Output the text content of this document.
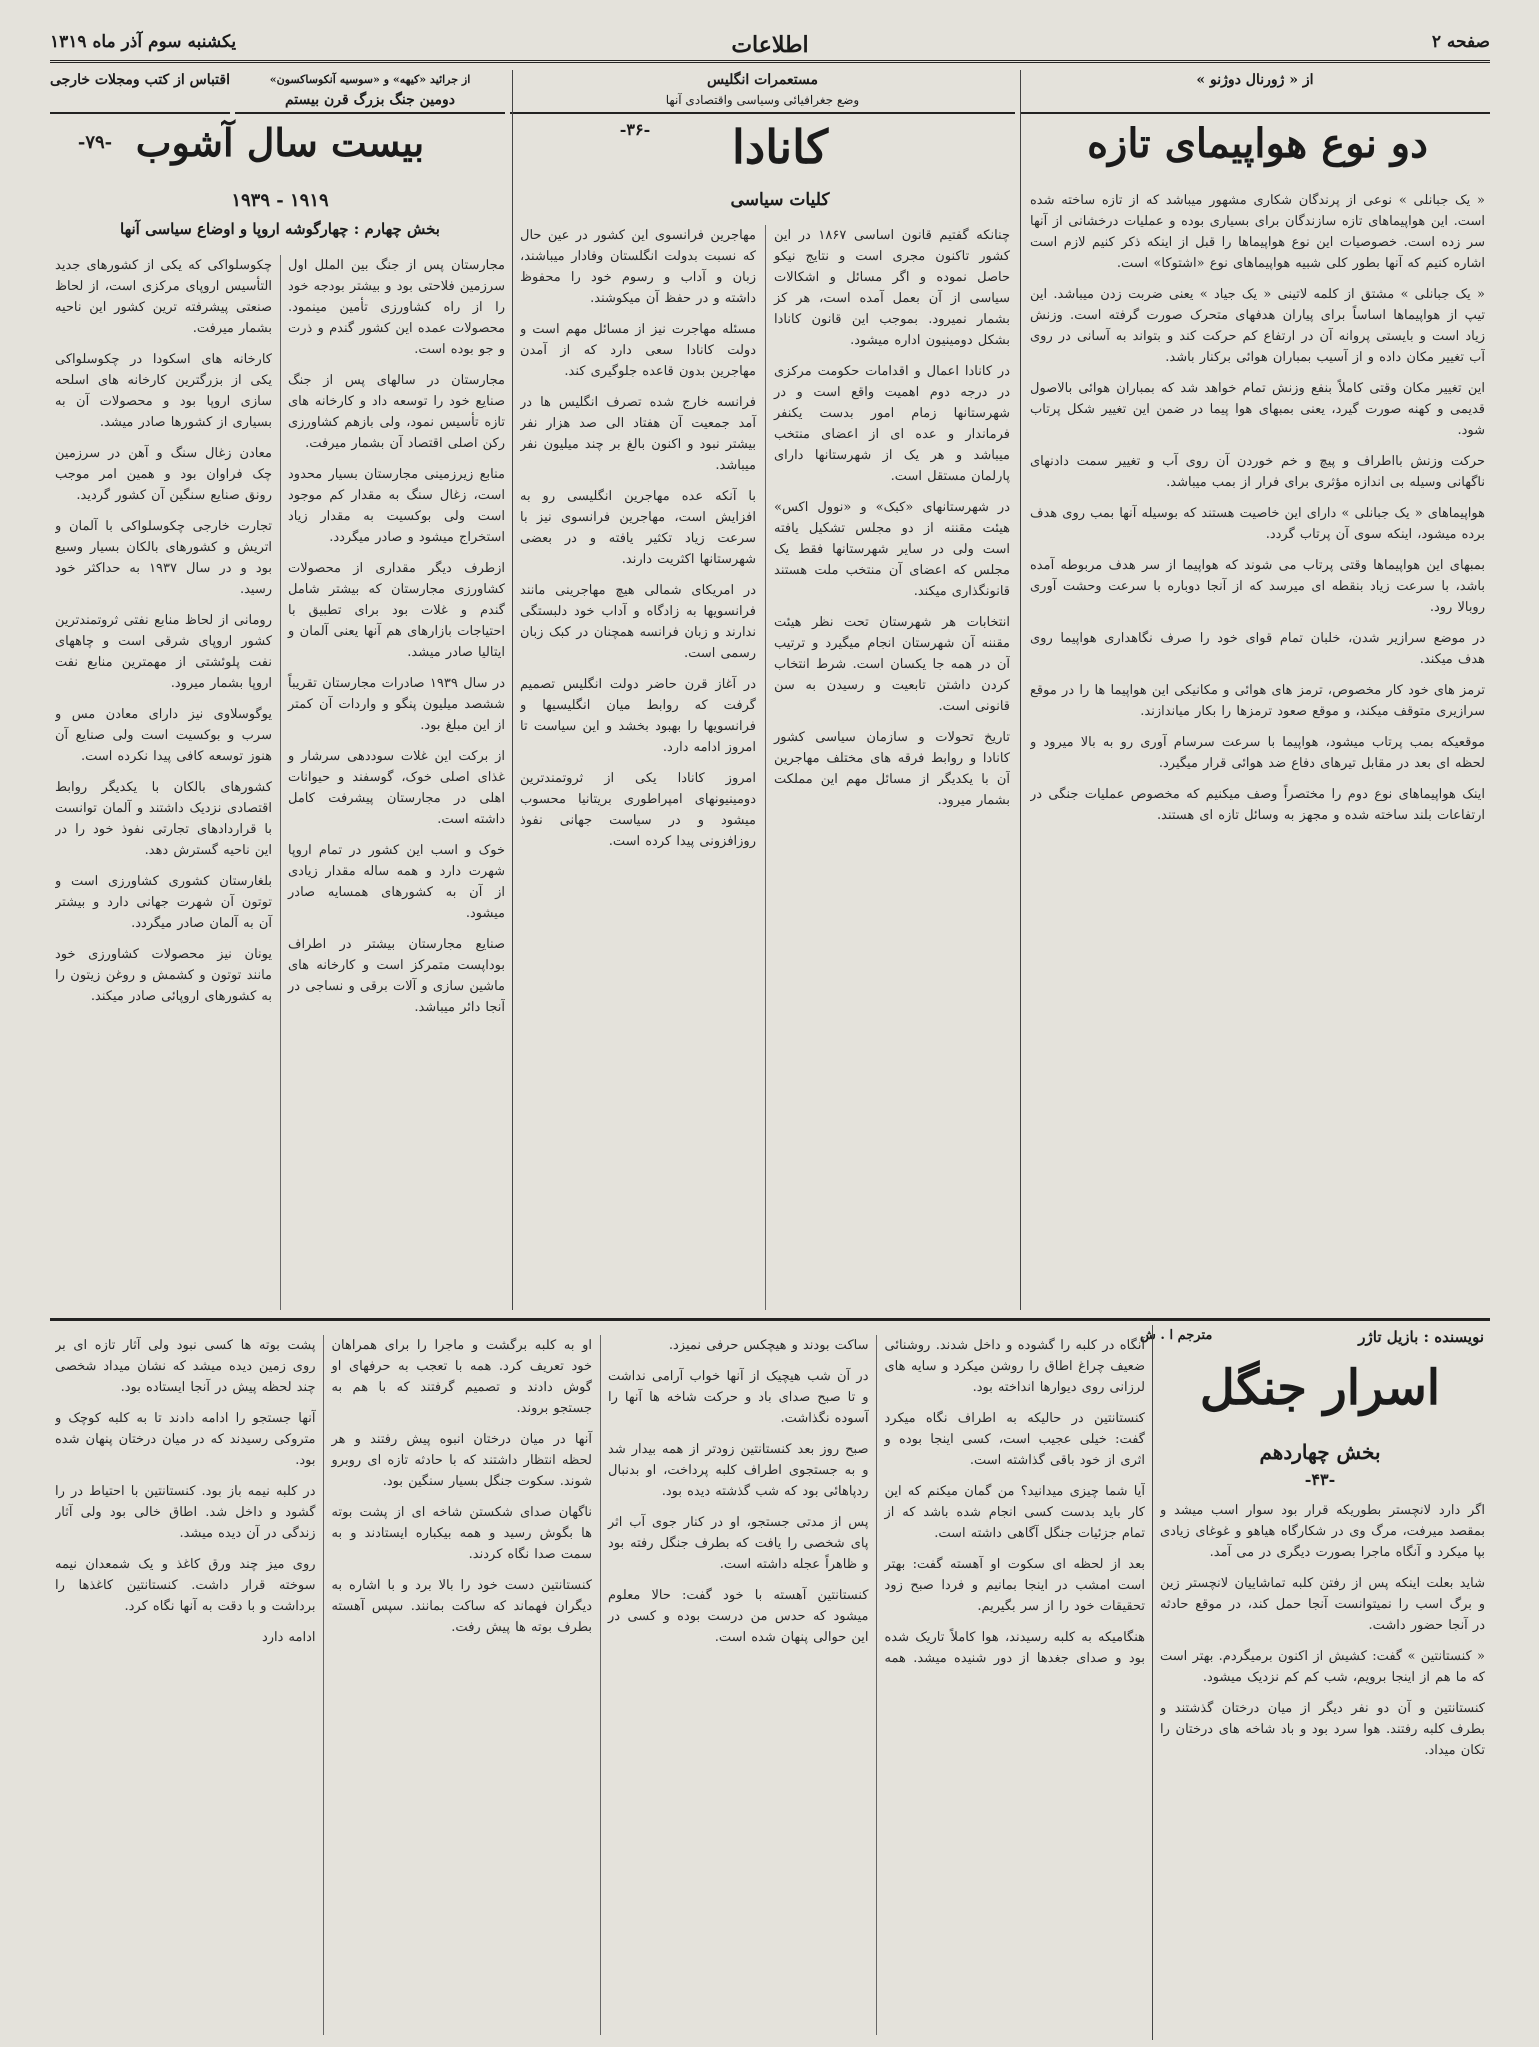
صفحه ۲
اطلاعات
یکشنبه سوم آذر ماه ۱۳۱۹
از « ژورنال دوژنو »
مستعمرات انگلیس
وضع جغرافیائی وسیاسی واقتصادی آنها
از جرائید «کیهه» و «سوسیه آنکوساکسون»
دومین جنگ بزرگ قرن بیستم
اقتباس از کتب ومجلات خارجی
دو نوع هواپیمای تازه

« یک جبانلی » نوعی از پرندگان شکاری مشهور میباشد که از تازه ساخته شده است. این هواپیماهای تازه سازندگان برای بسیاری بوده و عملیات درخشانی از آنها سر زده است. خصوصیات این نوع هواپیماها را قبل از اینکه ذکر کنیم لازم است اشاره کنیم که آنها بطور کلی شبیه هواپیماهای نوع «اشتوکا» است.

« یک جبانلی » مشتق از کلمه لاتینی « یک جیاد » یعنی ضربت زدن میباشد. این تیپ از هواپیماها اساساً برای پیاران هدفهای متحرک صورت گرفته است. وزنش زیاد است و بایستی پروانه آن در ارتفاع کم حرکت کند و بتواند به آسانی در روی آب تغییر مکان داده و از آسیب بمباران هوائی برکنار باشد.

این تغییر مکان وقتی کاملاً بنفع وزنش تمام خواهد شد که بمباران هوائی بالاصول قدیمی و کهنه صورت گیرد، یعنی بمبهای هوا پیما در ضمن این تغییر شکل پرتاب شود.

حرکت وزنش بااطراف و پیچ و خم خوردن آن روی آب و تغییر سمت دادنهای ناگهانی وسیله بی اندازه مؤثری برای فرار از بمب میباشد.

هواپیماهای « یک جبانلی » دارای این خاصیت هستند که بوسیله آنها بمب روی هدف برده میشود، اینکه سوی آن پرتاب گردد.

بمبهای این هواپیماها وقتی پرتاب می شوند که هواپیما از سر هدف مربوطه آمده باشد، با سرعت زیاد بنقطه ای میرسد که از آنجا دوباره با سرعت وحشت آوری روبالا رود.

در موضع سرازیر شدن، خلبان تمام قوای خود را صرف نگاهداری هواپیما روی هدف میکند.

ترمز های خود کار مخصوص، ترمز های هوائی و مکانیکی این هواپیما ها را در موقع سرازیری متوقف میکند، و موقع صعود ترمزها را بکار میاندازند.

موقعیکه بمب پرتاب میشود، هواپیما با سرعت سرسام آوری رو به بالا میرود و لحظه ای بعد در مقابل تیرهای دفاع ضد هوائی قرار میگیرد.

اینک هواپیماهای نوع دوم را مختصراً وصف میکنیم که مخصوص عملیات جنگی در ارتفاعات بلند ساخته شده و مجهز به وسائل تازه ای هستند.

-۳۶-	کانادا
کلیات سیاسی

چنانکه گفتیم قانون اساسی ۱۸۶۷ در این کشور تاکنون مجری است و نتایج نیکو حاصل نموده و اگر مسائل و اشکالات سیاسی از آن بعمل آمده است، هر کز بشمار نمیرود. بموجب این قانون کانادا بشکل دومینیون اداره میشود.

در کانادا اعمال و اقدامات حکومت مرکزی در درجه دوم اهمیت واقع است و در شهرستانها زمام امور بدست یکنفر فرماندار و عده ای از اعضای منتخب میباشد و هر یک از شهرستانها دارای پارلمان مستقل است.

در شهرستانهای «کبک» و «نوول اکس» هیئت مقننه از دو مجلس تشکیل یافته است ولی در سایر شهرستانها فقط یک مجلس که اعضای آن منتخب ملت هستند قانونگذاری میکند.

انتخابات هر شهرستان تحت نظر هیئت مقننه آن شهرستان انجام میگیرد و ترتیب آن در همه جا یکسان است. شرط انتخاب کردن داشتن تابعیت و رسیدن به سن قانونی است.

تاریخ تحولات و سازمان سیاسی کشور کانادا و روابط فرقه های مختلف مهاجرین آن با یکدیگر از مسائل مهم این مملکت بشمار میرود.

مهاجرین فرانسوی این کشور در عین حال که نسبت بدولت انگلستان وفادار میباشند، زبان و آداب و رسوم خود را محفوظ داشته و در حفظ آن میکوشند.

مسئله مهاجرت نیز از مسائل مهم است و دولت کانادا سعی دارد که از آمدن مهاجرین بدون قاعده جلوگیری کند.

فرانسه خارج شده تصرف انگلیس ها در آمد جمعیت آن هفتاد الی صد هزار نفر بیشتر نبود و اکنون بالغ بر چند میلیون نفر میباشد.

با آنکه عده مهاجرین انگلیسی رو به افزایش است، مهاجرین فرانسوی نیز با سرعت زیاد تکثیر یافته و در بعضی شهرستانها اکثریت دارند.

در امریکای شمالی هیچ مهاجرینی مانند فرانسویها به زادگاه و آداب خود دلبستگی ندارند و زبان فرانسه همچنان در کبک زبان رسمی است.

در آغاز قرن حاضر دولت انگلیس تصمیم گرفت که روابط میان انگلیسیها و فرانسویها را بهبود بخشد و این سیاست تا امروز ادامه دارد.

امروز کانادا یکی از ثروتمندترین دومینیونهای امپراطوری بریتانیا محسوب میشود و در سیاست جهانی نفوذ روزافزونی پیدا کرده است.

بیست سال آشوب
-۷۹-
۱۹۱۹ - ۱۹۳۹
بخش چهارم : چهارگوشه اروپا و اوضاع سیاسی آنها

مجارستان پس از جنگ بین الملل اول سرزمین فلاحتی بود و بیشتر بودجه خود را از راه کشاورزی تأمین مینمود. محصولات عمده این کشور گندم و ذرت و جو بوده است.

مجارستان در سالهای پس از جنگ صنایع خود را توسعه داد و کارخانه های تازه تأسیس نمود، ولی بازهم کشاورزی رکن اصلی اقتصاد آن بشمار میرفت.

منابع زیرزمینی مجارستان بسیار محدود است، زغال سنگ به مقدار کم موجود است ولی بوکسیت به مقدار زیاد استخراج میشود و صادر میگردد.

ازطرف دیگر مقداری از محصولات کشاورزی مجارستان که بیشتر شامل گندم و غلات بود برای تطبیق با احتیاجات بازارهای هم آنها یعنی آلمان و ایتالیا صادر میشد.

در سال ۱۹۳۹ صادرات مجارستان تقریباً ششصد میلیون پنگو و واردات آن کمتر از این مبلغ بود.

از برکت این غلات سوددهی سرشار و غذای اصلی خوک، گوسفند و حیوانات اهلی در مجارستان پیشرفت کامل داشته است.

خوک و اسب این کشور در تمام اروپا شهرت دارد و همه ساله مقدار زیادی از آن به کشورهای همسایه صادر میشود.

صنایع مجارستان بیشتر در اطراف بوداپست متمرکز است و کارخانه های ماشین سازی و آلات برقی و نساجی در آنجا دائر میباشد.

چکوسلواکی که یکی از کشورهای جدید التأسیس اروپای مرکزی است، از لحاظ صنعتی پیشرفته ترین کشور این ناحیه بشمار میرفت.

کارخانه های اسکودا در چکوسلواکی یکی از بزرگترین کارخانه های اسلحه سازی اروپا بود و محصولات آن به بسیاری از کشورها صادر میشد.

معادن زغال سنگ و آهن در سرزمین چک فراوان بود و همین امر موجب رونق صنایع سنگین آن کشور گردید.

تجارت خارجی چکوسلواکی با آلمان و اتریش و کشورهای بالکان بسیار وسیع بود و در سال ۱۹۳۷ به حداکثر خود رسید.

رومانی از لحاظ منابع نفتی ثروتمندترین کشور اروپای شرقی است و چاههای نفت پلوئشتی از مهمترین منابع نفت اروپا بشمار میرود.

یوگوسلاوی نیز دارای معادن مس و سرب و بوکسیت است ولی صنایع آن هنوز توسعه کافی پیدا نکرده است.

کشورهای بالکان با یکدیگر روابط اقتصادی نزدیک داشتند و آلمان توانست با قراردادهای تجارتی نفوذ خود را در این ناحیه گسترش دهد.

بلغارستان کشوری کشاورزی است و توتون آن شهرت جهانی دارد و بیشتر آن به آلمان صادر میگردد.

یونان نیز محصولات کشاورزی خود مانند توتون و کشمش و روغن زیتون را به کشورهای اروپائی صادر میکند.

نویسنده : بازیل تاژر
مترجم ا . ش
اسرار جنگل
بخش چهاردهم
-۴۳-

آنگاه در کلبه را گشوده و داخل شدند. روشنائی ضعیف چراغ اطاق را روشن میکرد و سایه های لرزانی روی دیوارها انداخته بود.

کنستانتین در حالیکه به اطراف نگاه میکرد گفت: خیلی عجیب است، کسی اینجا بوده و اثری از خود باقی گذاشته است.

آیا شما چیزی میدانید؟ من گمان میکنم که این کار باید بدست کسی انجام شده باشد که از تمام جزئیات جنگل آگاهی داشته است.

بعد از لحظه ای سکوت او آهسته گفت: بهتر است امشب در اینجا بمانیم و فردا صبح زود تحقیقات خود را از سر بگیریم.

هنگامیکه به کلبه رسیدند، هوا کاملاً تاریک شده بود و صدای جغدها از دور شنیده میشد. همه ساکت بودند و هیچکس حرفی نمیزد.

در آن شب هیچیک از آنها خواب آرامی نداشت و تا صبح صدای باد و حرکت شاخه ها آنها را آسوده نگذاشت.

صبح روز بعد کنستانتین زودتر از همه بیدار شد و به جستجوی اطراف کلبه پرداخت، او بدنبال ردپاهائی بود که شب گذشته دیده بود.

پس از مدتی جستجو، او در کنار جوی آب اثر پای شخصی را یافت که بطرف جنگل رفته بود و ظاهراً عجله داشته است.

کنستانتین آهسته با خود گفت: حالا معلوم میشود که حدس من درست بوده و کسی در این حوالی پنهان شده است.

او به کلبه برگشت و ماجرا را برای همراهان خود تعریف کرد. همه با تعجب به حرفهای او گوش دادند و تصمیم گرفتند که با هم به جستجو بروند.

آنها در میان درختان انبوه پیش رفتند و هر لحظه انتظار داشتند که با حادثه تازه ای روبرو شوند. سکوت جنگل بسیار سنگین بود.

ناگهان صدای شکستن شاخه ای از پشت بوته ها بگوش رسید و همه بیکباره ایستادند و به سمت صدا نگاه کردند.

کنستانتین دست خود را بالا برد و با اشاره به دیگران فهماند که ساکت بمانند. سپس آهسته بطرف بوته ها پیش رفت.

پشت بوته ها کسی نبود ولی آثار تازه ای بر روی زمین دیده میشد که نشان میداد شخصی چند لحظه پیش در آنجا ایستاده بود.

آنها جستجو را ادامه دادند تا به کلبه کوچک و متروکی رسیدند که در میان درختان پنهان شده بود.

در کلبه نیمه باز بود. کنستانتین با احتیاط در را گشود و داخل شد. اطاق خالی بود ولی آثار زندگی در آن دیده میشد.

روی میز چند ورق کاغذ و یک شمعدان نیمه سوخته قرار داشت. کنستانتین کاغذها را برداشت و با دقت به آنها نگاه کرد.

ادامه دارد

اگر دارد لانچستر بطوریکه قرار بود سوار اسب میشد و بمقصد میرفت، مرگ وی در شکارگاه هیاهو و غوغای زیادی بپا میکرد و آنگاه ماجرا بصورت دیگری در می آمد.

شاید بعلت اینکه پس از رفتن کلبه تماشاییان لانچستر زین و برگ اسب را نمیتوانست آنجا حمل کند، در موقع حادثه در آنجا حضور داشت.

« کنستانتین » گفت: کشیش از اکنون برمیگردم. بهتر است که ما هم از اینجا برویم، شب کم کم نزدیک میشود.

کنستانتین و آن دو نفر دیگر از میان درختان گذشتند و بطرف کلبه رفتند. هوا سرد بود و باد شاخه های درختان را تکان میداد.
